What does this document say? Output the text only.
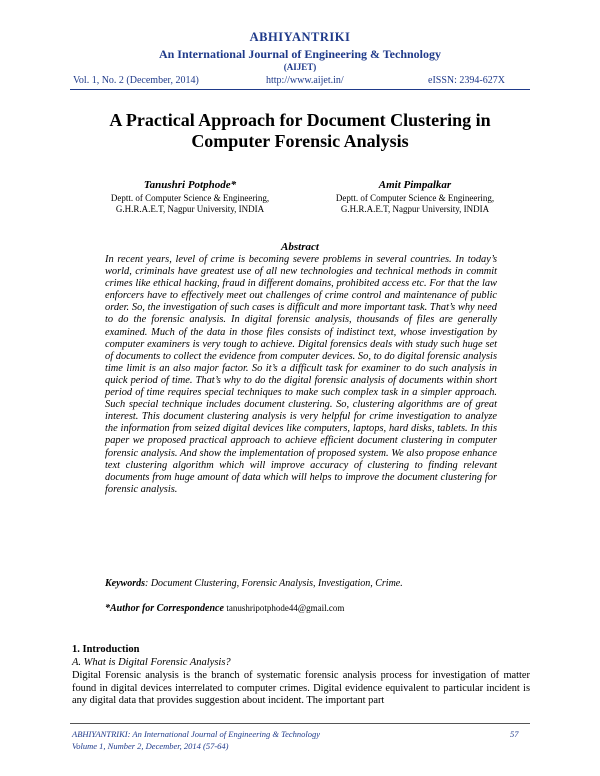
ABHIYANTRIKI
An International Journal of Engineering & Technology
(AIJET)
Vol. 1, No. 2 (December, 2014)	http://www.aijet.in/	eISSN: 2394-627X
A Practical Approach for Document Clustering in
Computer Forensic Analysis
Tanushri Potphode*
Deptt. of Computer Science & Engineering,
G.H.R.A.E.T, Nagpur University, INDIA
Amit Pimpalkar
Deptt. of Computer Science & Engineering,
G.H.R.A.E.T, Nagpur University, INDIA
Abstract
In recent years, level of crime is becoming severe problems in several countries. In today’s world, criminals have greatest use of all new technologies and technical methods in commit crimes like ethical hacking, fraud in different domains, prohibited access etc. For that the law enforcers have to effectively meet out challenges of crime control and maintenance of public order. So, the investigation of such cases is difficult and more important task. That’s why need to do the forensic analysis. In digital forensic analysis, thousands of files are generally examined. Much of the data in those files consists of indistinct text, whose investigation by computer examiners is very tough to achieve. Digital forensics deals with study such huge set of documents to collect the evidence from computer devices. So, to do digital forensic analysis time limit is an also major factor. So it’s a difficult task for examiner to do such analysis in quick period of time. That’s why to do the digital forensic analysis of documents within short period of time requires special techniques to make such complex task in a simpler approach. Such special technique includes document clustering. So, clustering algorithms are of great interest. This document clustering analysis is very helpful for crime investigation to analyze the information from seized digital devices like computers, laptops, hard disks, tablets. In this paper we proposed practical approach to achieve efficient document clustering in computer forensic analysis. And show the implementation of proposed system. We also propose enhance text clustering algorithm which will improve accuracy of clustering to finding relevant documents from huge amount of data which will helps to improve the document clustering for forensic analysis.
Keywords: Document Clustering, Forensic Analysis, Investigation, Crime.
*Author for Correspondence tanushripotphode44@gmail.com
1. Introduction
A. What is Digital Forensic Analysis?
Digital Forensic analysis is the branch of systematic forensic analysis process for investigation of matter found in digital devices interrelated to computer crimes. Digital evidence equivalent to particular incident is any digital data that provides suggestion about incident. The important part
ABHIYANTRIKI: An International Journal of Engineering & Technology
Volume 1, Number 2, December, 2014 (57-64)
57
